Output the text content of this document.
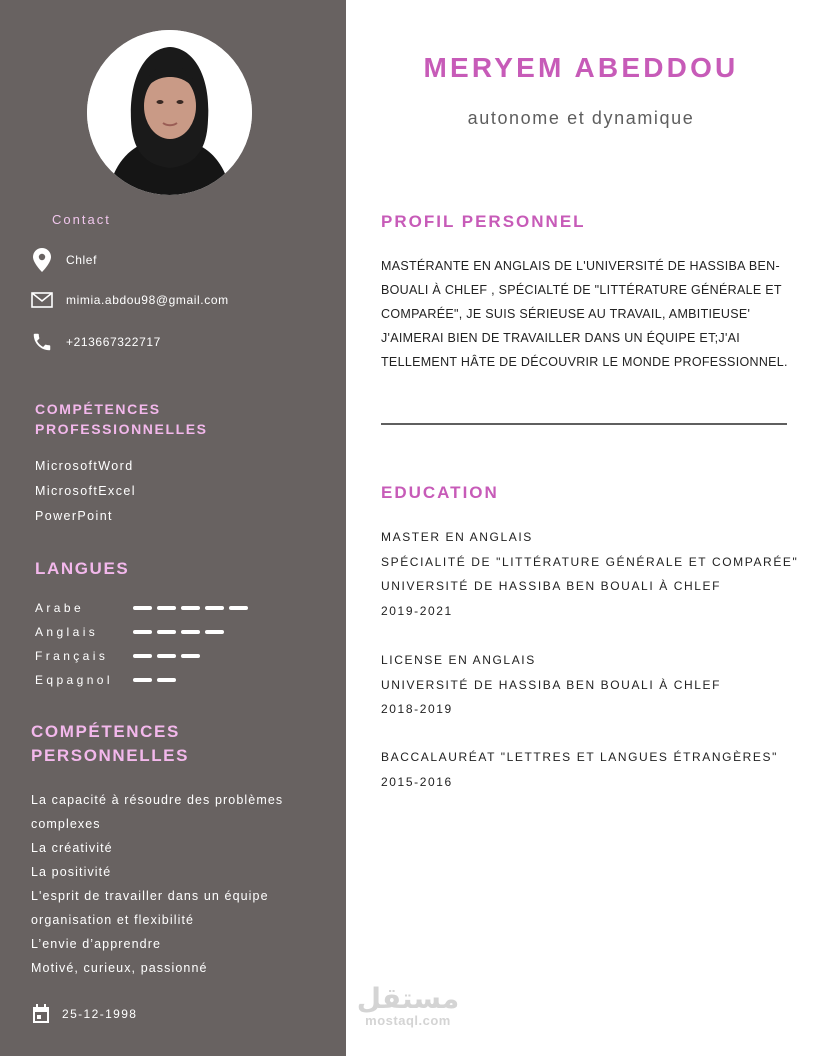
Contact
Chlef
mimia.abdou98@gmail.com
+213667322717
COMPÉTENCES
PROFESSIONNELLES
MicrosoftWord
MicrosoftExcel
PowerPoint
LANGUES
Arabe
Anglais
Français
Eqpagnol
COMPÉTENCES
PERSONNELLES
La capacité à résoudre des problèmes
complexes
La créativité
La positivité
L'esprit de travailler dans un équipe
organisation et flexibilité
L’envie d’apprendre
Motivé, curieux, passionné
25-12-1998
MERYEM ABEDDOU
autonome et dynamique
PROFIL PERSONNEL
MASTÉRANTE EN ANGLAIS DE L'UNIVERSITÉ DE HASSIBA BEN-
BOUALI À CHLEF , SPÉCIALTÉ DE "LITTÉRATURE GÉNÉRALE ET
COMPARÉE", JE SUIS SÉRIEUSE AU TRAVAIL, AMBITIEUSE'
J'AIMERAI BIEN DE TRAVAILLER DANS UN ÉQUIPE ET;J'AI
TELLEMENT HÂTE DE DÉCOUVRIR LE MONDE PROFESSIONNEL.
EDUCATION
MASTER EN ANGLAIS
SPÉCIALITÉ DE "LITTÉRATURE GÉNÉRALE ET COMPARÉE"
UNIVERSITÉ DE HASSIBA BEN BOUALI À CHLEF
2019-2021
LICENSE EN ANGLAIS
UNIVERSITÉ DE HASSIBA BEN BOUALI À CHLEF
2018-2019
BACCALAURÉAT "LETTRES ET LANGUES ÉTRANGÈRES"
2015-2016
مستقل
mostaql.com
